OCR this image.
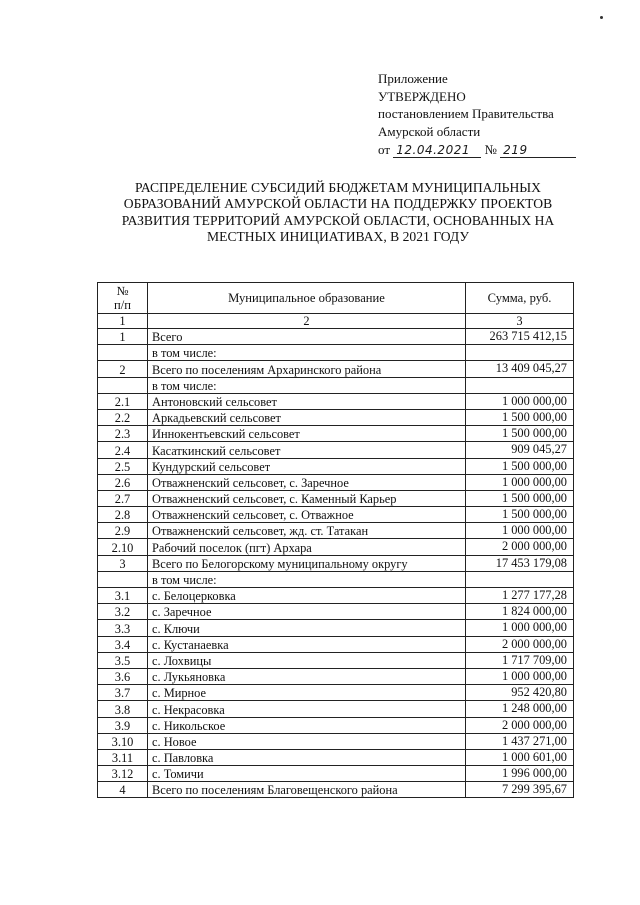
Приложение
УТВЕРЖДЕНО
постановлением Правительства
Амурской области
от 12.04.2021 № 219
РАСПРЕДЕЛЕНИЕ СУБСИДИЙ БЮДЖЕТАМ МУНИЦИПАЛЬНЫХ ОБРАЗОВАНИЙ АМУРСКОЙ ОБЛАСТИ НА ПОДДЕРЖКУ ПРОЕКТОВ РАЗВИТИЯ ТЕРРИТОРИЙ АМУРСКОЙ ОБЛАСТИ, ОСНОВАННЫХ НА МЕСТНЫХ ИНИЦИАТИВАХ, В 2021 ГОДУ
№
п/п	Муниципальное образование	Сумма, руб.
1	2	3
1	Всего	263 715 412,15
	в том числе:	
2	Всего по поселениям Архаринского района	13 409 045,27
	в том числе:	
2.1	Антоновский сельсовет	1 000 000,00
2.2	Аркадьевский сельсовет	1 500 000,00
2.3	Иннокентьевский сельсовет	1 500 000,00
2.4	Касаткинский сельсовет	909 045,27
2.5	Кундурский сельсовет	1 500 000,00
2.6	Отважненский сельсовет, с. Заречное	1 000 000,00
2.7	Отважненский сельсовет, с. Каменный Карьер	1 500 000,00
2.8	Отважненский сельсовет, с. Отважное	1 500 000,00
2.9	Отважненский сельсовет, жд. ст. Татакан	1 000 000,00
2.10	Рабочий поселок (пгт) Архара	2 000 000,00
3	Всего по Белогорскому муниципальному округу	17 453 179,08
	в том числе:	
3.1	с. Белоцерковка	1 277 177,28
3.2	с. Заречное	1 824 000,00
3.3	с. Ключи	1 000 000,00
3.4	с. Кустанаевка	2 000 000,00
3.5	с. Лохвицы	1 717 709,00
3.6	с. Лукьяновка	1 000 000,00
3.7	с. Мирное	952 420,80
3.8	с. Некрасовка	1 248 000,00
3.9	с. Никольское	2 000 000,00
3.10	с. Новое	1 437 271,00
3.11	с. Павловка	1 000 601,00
3.12	с. Томичи	1 996 000,00
4	Всего по поселениям Благовещенского района	7 299 395,67
